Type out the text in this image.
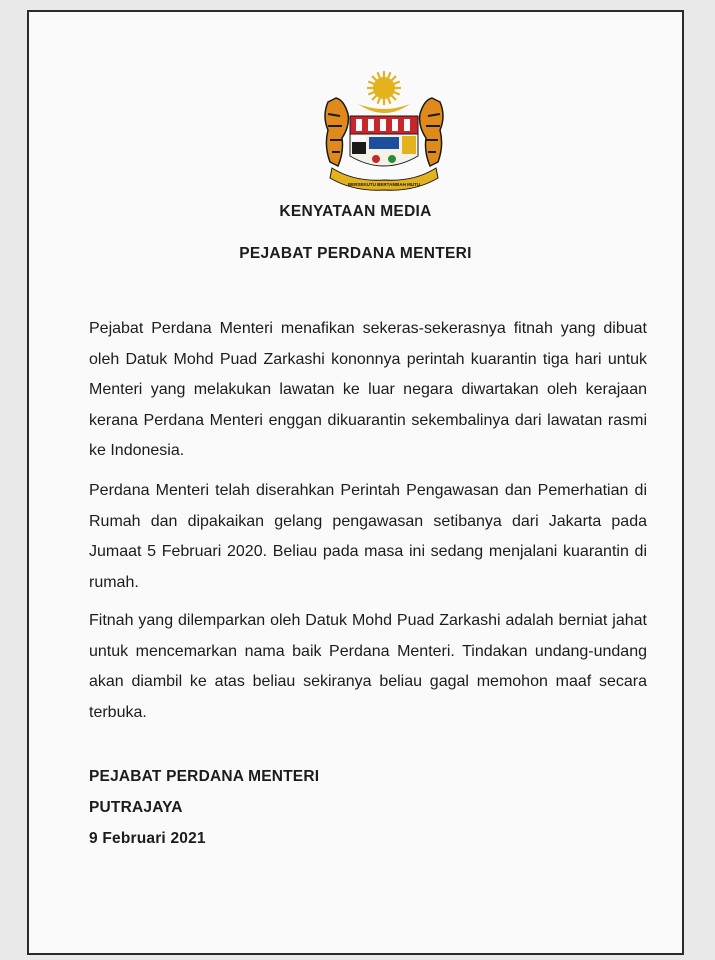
BERSEKUTU BERTAMBAH MUTU
KENYATAAN MEDIA
PEJABAT PERDANA MENTERI

Pejabat Perdana Menteri menafikan sekeras-sekerasnya fitnah yang dibuat oleh Datuk Mohd Puad Zarkashi kononnya perintah kuarantin tiga hari untuk Menteri yang melakukan lawatan ke luar negara diwartakan oleh kerajaan kerana Perdana Menteri enggan dikuarantin sekembalinya dari lawatan rasmi ke Indonesia.

Perdana Menteri telah diserahkan Perintah Pengawasan dan Pemerhatian di Rumah dan dipakaikan gelang pengawasan setibanya dari Jakarta pada Jumaat 5 Februari 2020. Beliau pada masa ini sedang menjalani kuarantin di rumah.

Fitnah yang dilemparkan oleh Datuk Mohd Puad Zarkashi adalah berniat jahat untuk mencemarkan nama baik Perdana Menteri. Tindakan undang-undang akan diambil ke atas beliau sekiranya beliau gagal memohon maaf secara terbuka.

PEJABAT PERDANA MENTERI

PUTRAJAYA

9 Februari 2021
